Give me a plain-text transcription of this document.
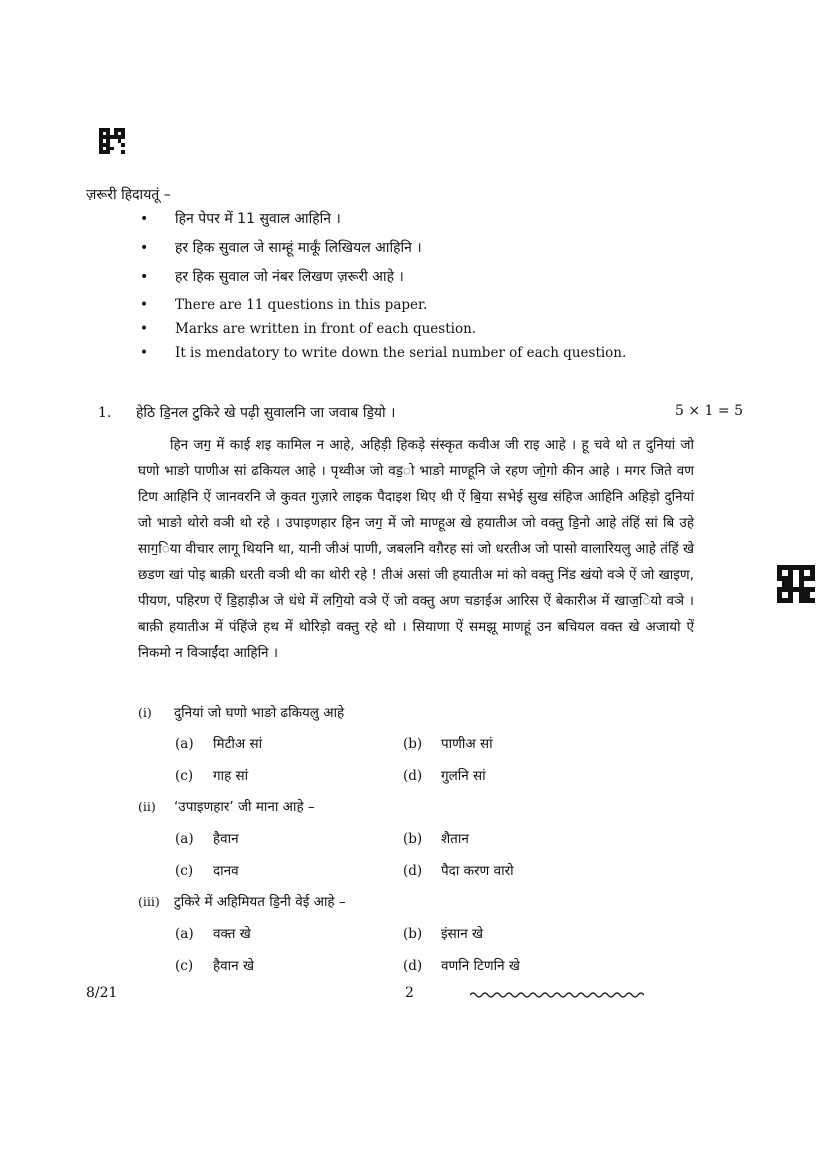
ज़रूरी हिदायतूं –
• हिन पेपर में 11 सुवाल आहिनि ।
• हर हिक सुवाल जे साम्हूं मार्कूं लिखियल आहिनि ।
• हर हिक सुवाल जो नंबर लिखण ज़रूरी आहे ।
• There are 11 questions in this paper.
• Marks are written in front of each question.
• It is mendatory to write down the serial number of each question.
1. हेठि डि॒नल टुकिरे खे पढ़ी सुवालनि जा जवाब डि॒यो ।	5 × 1 = 5

हिन जग॒ में काई शइ कामिल न आहे, अहिड़ी हिकड़े संस्कृत कवीअ जी राइ आहे । हू चवे थो त दुनियां जो घणो भाङो पाणीअ सां ढकियल आहे । पृथ्वीअ जो वड॒ो भाङो माण्हूनि जे रहण जो॒गो कीन आहे । मगर जिते वण टिण आहिनि ऐं जानवरनि जे कुवत गुज़ारे लाइक पैदाइश थिए थी ऐं बि॒या सभेई सुख संहिज आहिनि अहिड़ो दुनियां जो भाङो थोरो वञी थो रहे । उपाइणहार हिन जग॒ में जो माण्हूअ खे हयातीअ जो वक्तु डि॒नो आहे तंहिं सां बि उहे साग॒िया वीचार लागू थियनि था, यानी जीअं पाणी, जबलनि वग़ैरह सां जो धरतीअ जो पासो वालारियलु आहे तंहिं खे छडण खां पोइ बाक़ी धरती वञी थी का थोरी रहे ! तीअं असां जी हयातीअ मां को वक्तु निंड खंयो वञे ऐं जो खाइण, पीयण, पहिरण ऐं डि॒हाड़ीअ जे धंधे में लगि॒यो वञे ऐं जो वक्तु अण चङाईअ आरिस ऐं बेकारीअ में खाज॒ियो वञे । बाक़ी हयातीअ में पंहिंजे हथ में थोरिड़ो वक्तु रहे थो । सियाणा ऐं समझू माणहूं उन बचियल वक्त खे अजायो ऐं निकमो न विञाईंदा आहिनि ।

(i) दुनियां जो घणो भाङो ढकियलु आहे
(a) मिटीअ सां	(b) पाणीअ सां
(c) गाह सां	(d) गुलनि सां
(ii) ‘उपाइणहार’ जी माना आहे –
(a) हैवान	(b) शैतान
(c) दानव	(d) पैदा करण वारो
(iii) टुकिरे में अहिमियत डि॒नी वेई आहे –
(a) वक्त खे	(b) इंसान खे
(c) हैवान खे	(d) वणनि टिणनि खे
8/21	2
